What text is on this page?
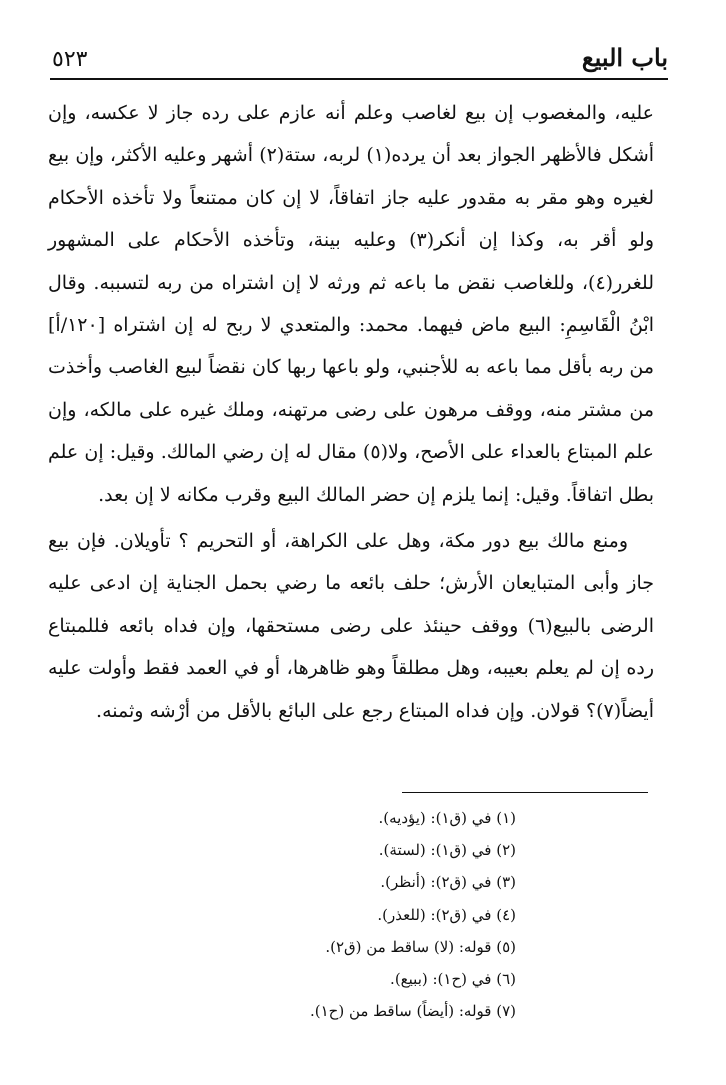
٥٢٣	باب البيع

عليه، والمغصوب إن بيع لغاصب وعلم أنه عازم على رده جاز لا عكسه، وإن أشكل فالأظهر الجواز بعد أن يرده(١) لربه، ستة(٢) أشهر وعليه الأكثر، وإن بيع لغيره وهو مقر به مقدور عليه جاز اتفاقاً، لا إن كان ممتنعاً ولا تأخذه الأحكام ولو أقر به، وكذا إن أنكر(٣) وعليه بينة، وتأخذه الأحكام على المشهور للغرر(٤)، وللغاصب نقض ما باعه ثم ورثه لا إن اشتراه من ربه لتسببه. وقال ابْنُ الْقَاسِمِ: البيع ماض فيهما. محمد: والمتعدي لا ربح له إن اشتراه [١٢٠/أ] من ربه بأقل مما باعه به للأجنبي، ولو باعها ربها كان نقضاً لبيع الغاصب وأخذت من مشتر منه، ووقف مرهون على رضى مرتهنه، وملك غيره على مالكه، وإن علم المبتاع بالعداء على الأصح، ولا(٥) مقال له إن رضي المالك. وقيل: إن علم بطل اتفاقاً. وقيل: إنما يلزم إن حضر المالك البيع وقرب مكانه لا إن بعد.

ومنع مالك بيع دور مكة، وهل على الكراهة، أو التحريم ؟ تأويلان. فإن بيع جاز وأبى المتبايعان الأرش؛ حلف بائعه ما رضي بحمل الجناية إن ادعى عليه الرضى بالبيع(٦) ووقف حينئذ على رضى مستحقها، وإن فداه بائعه فللمبتاع رده إن لم يعلم بعيبه، وهل مطلقاً وهو ظاهرها، أو في العمد فقط وأولت عليه أيضاً(٧)؟ قولان. وإن فداه المبتاع رجع على البائع بالأقل من أرْشه وثمنه.

(١) في (ق١): (يؤديه).
(٢) في (ق١): (لستة).
(٣) في (ق٢): (أنظر).
(٤) في (ق٢): (للعذر).
(٥) قوله: (لا) ساقط من (ق٢).
(٦) في (ح١): (ببيع).
(٧) قوله: (أيضاً) ساقط من (ح١).
